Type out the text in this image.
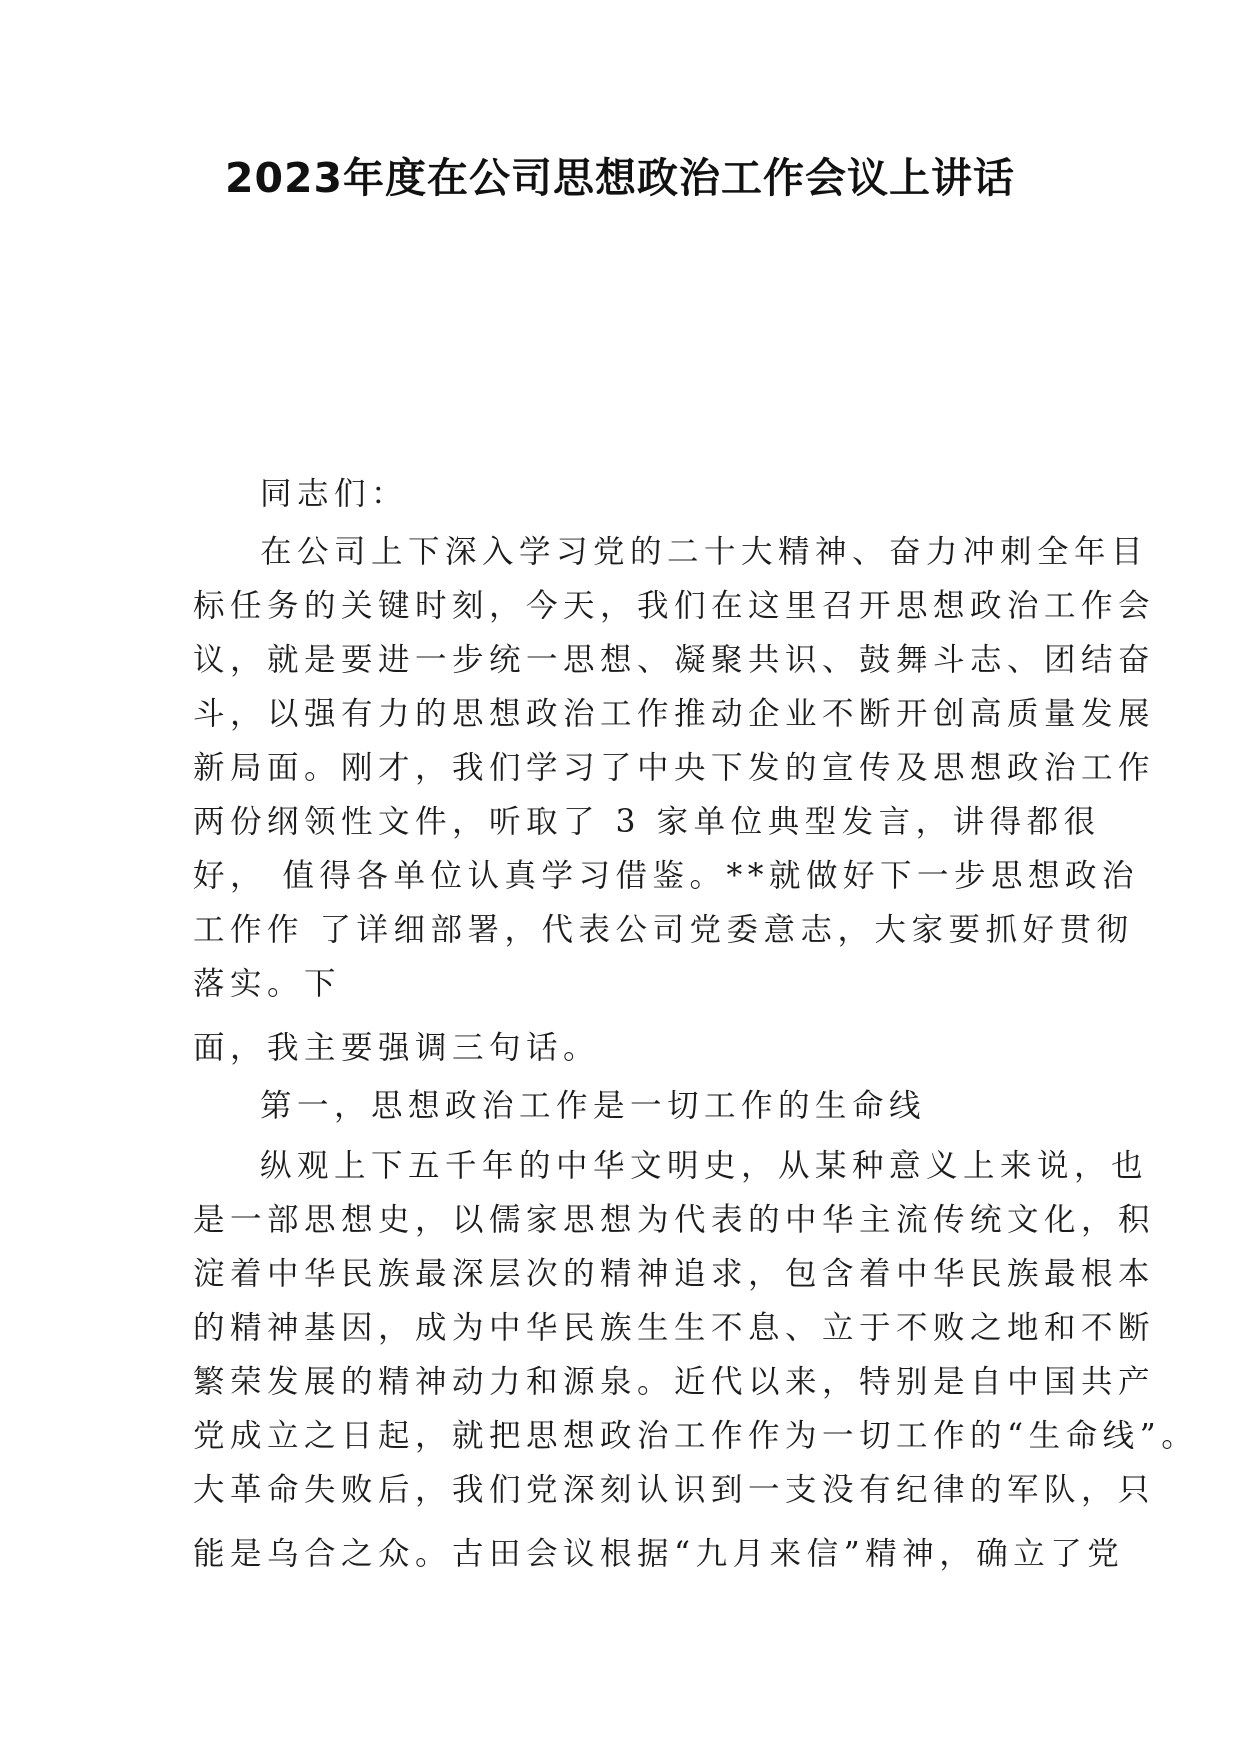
2023年度在公司思想政治工作会议上讲话
同志们：
在公司上下深入学习党的二十大精神、奋力冲刺全年目
标任务的关键时刻，今天，我们在这里召开思想政治工作会
议，就是要进一步统一思想、凝聚共识、鼓舞斗志、团结奋
斗，以强有力的思想政治工作推动企业不断开创高质量发展
新局面。刚才，我们学习了中央下发的宣传及思想政治工作
两份纲领性文件，听取了 3 家单位典型发言，讲得都很
好， 值得各单位认真学习借鉴。**就做好下一步思想政治
工作作 了详细部署，代表公司党委意志，大家要抓好贯彻
落实。下
面，我主要强调三句话。
第一，思想政治工作是一切工作的生命线
纵观上下五千年的中华文明史，从某种意义上来说，也
是一部思想史，以儒家思想为代表的中华主流传统文化，积
淀着中华民族最深层次的精神追求，包含着中华民族最根本
的精神基因，成为中华民族生生不息、立于不败之地和不断
繁荣发展的精神动力和源泉。近代以来，特别是自中国共产
党成立之日起，就把思想政治工作作为一切工作的“生命线”。
大革命失败后，我们党深刻认识到一支没有纪律的军队，只
能是乌合之众。古田会议根据“九月来信”精神，确立了党
